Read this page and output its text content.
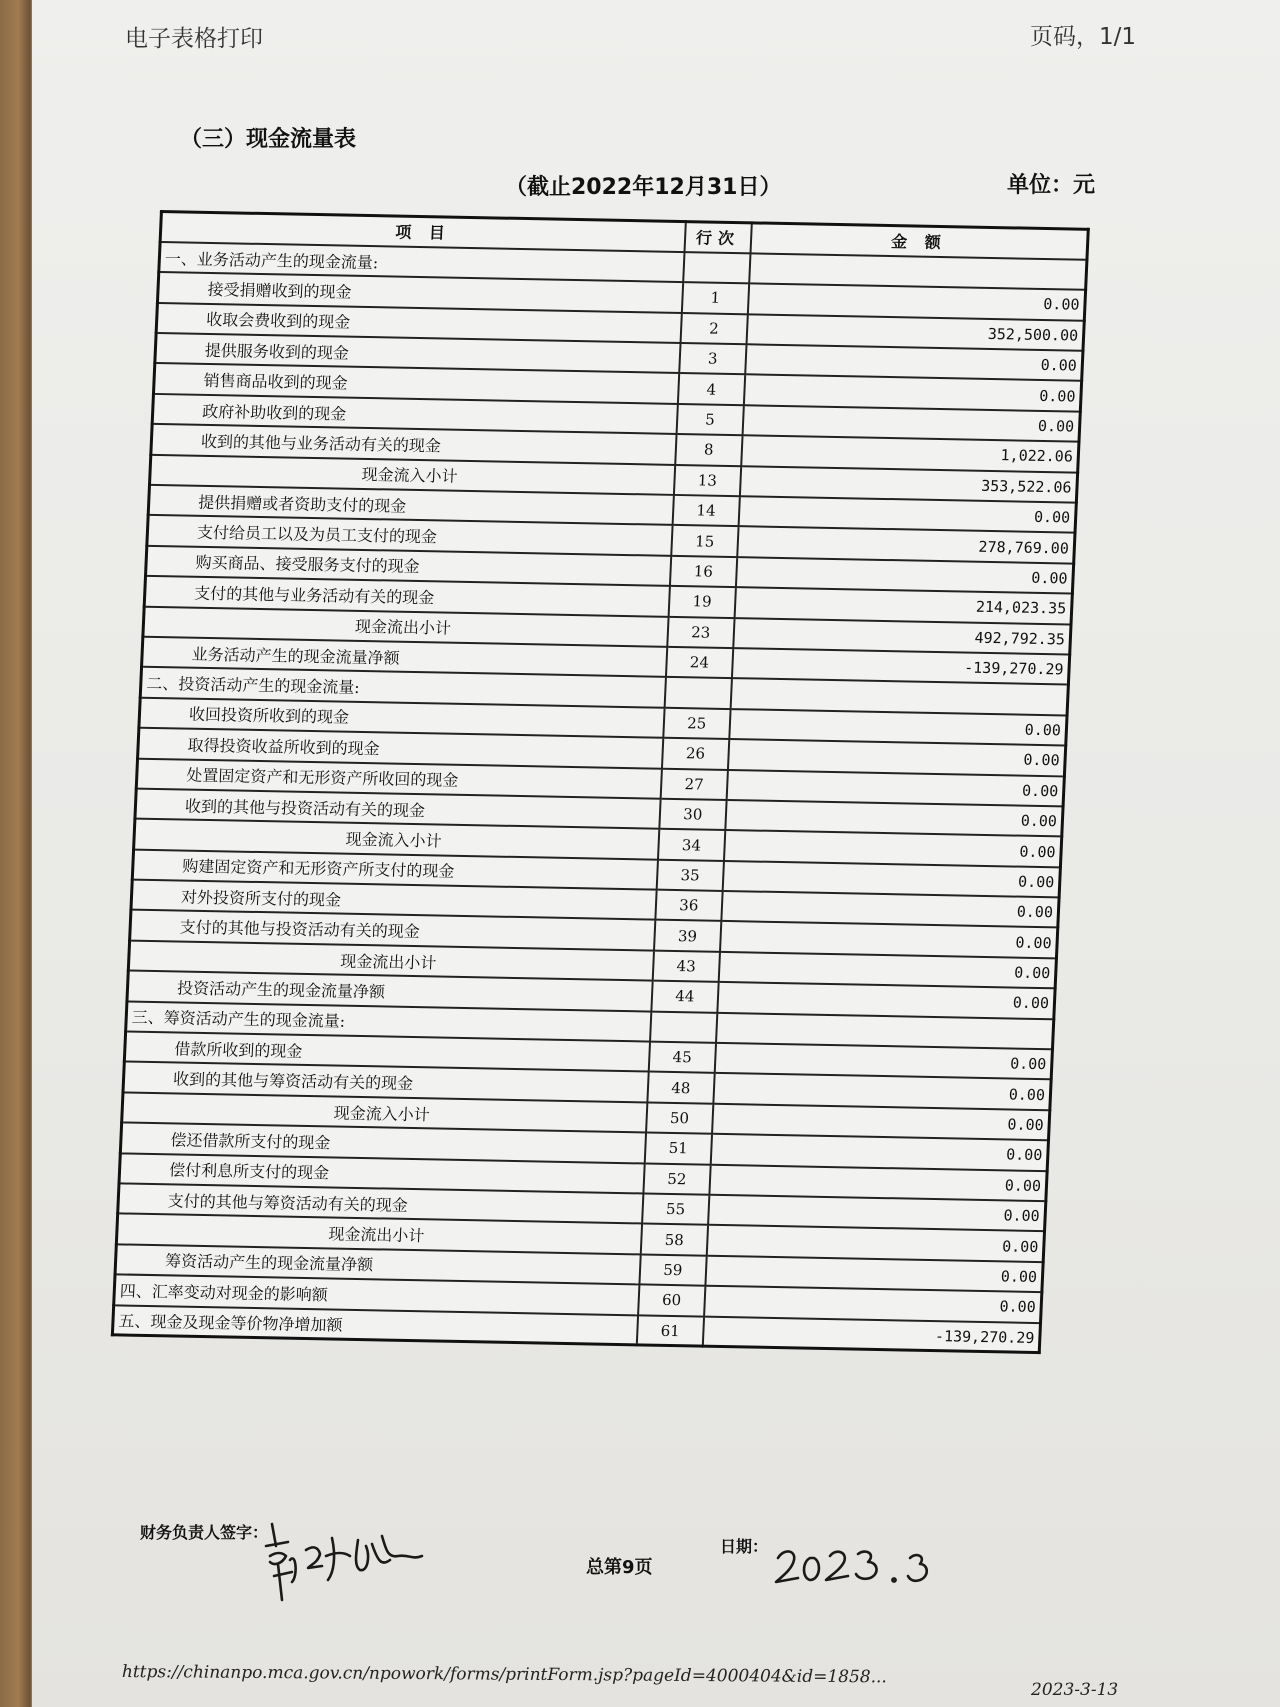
电子表格打印	页码，1/1
（三）现金流量表
（截止2022年12月31日）	单位：元
项 目	行次	金 额
一、业务活动产生的现金流量:		
接受捐赠收到的现金	1	0.00
收取会费收到的现金	2	352,500.00
提供服务收到的现金	3	0.00
销售商品收到的现金	4	0.00
政府补助收到的现金	5	0.00
收到的其他与业务活动有关的现金	8	1,022.06
现金流入小计	13	353,522.06
提供捐赠或者资助支付的现金	14	0.00
支付给员工以及为员工支付的现金	15	278,769.00
购买商品、接受服务支付的现金	16	0.00
支付的其他与业务活动有关的现金	19	214,023.35
现金流出小计	23	492,792.35
业务活动产生的现金流量净额	24	-139,270.29
二、投资活动产生的现金流量:		
收回投资所收到的现金	25	0.00
取得投资收益所收到的现金	26	0.00
处置固定资产和无形资产所收回的现金	27	0.00
收到的其他与投资活动有关的现金	30	0.00
现金流入小计	34	0.00
购建固定资产和无形资产所支付的现金	35	0.00
对外投资所支付的现金	36	0.00
支付的其他与投资活动有关的现金	39	0.00
现金流出小计	43	0.00
投资活动产生的现金流量净额	44	0.00
三、筹资活动产生的现金流量:		
借款所收到的现金	45	0.00
收到的其他与筹资活动有关的现金	48	0.00
现金流入小计	50	0.00
偿还借款所支付的现金	51	0.00
偿付利息所支付的现金	52	0.00
支付的其他与筹资活动有关的现金	55	0.00
现金流出小计	58	0.00
筹资活动产生的现金流量净额	59	0.00
四、汇率变动对现金的影响额	60	0.00
五、现金及现金等价物净增加额	61	-139,270.29
财务负责人签字：
总第9页
日期：
https://chinanpo.mca.gov.cn/npowork/forms/printForm.jsp?pageId=4000404&id=1858...
2023-3-13
